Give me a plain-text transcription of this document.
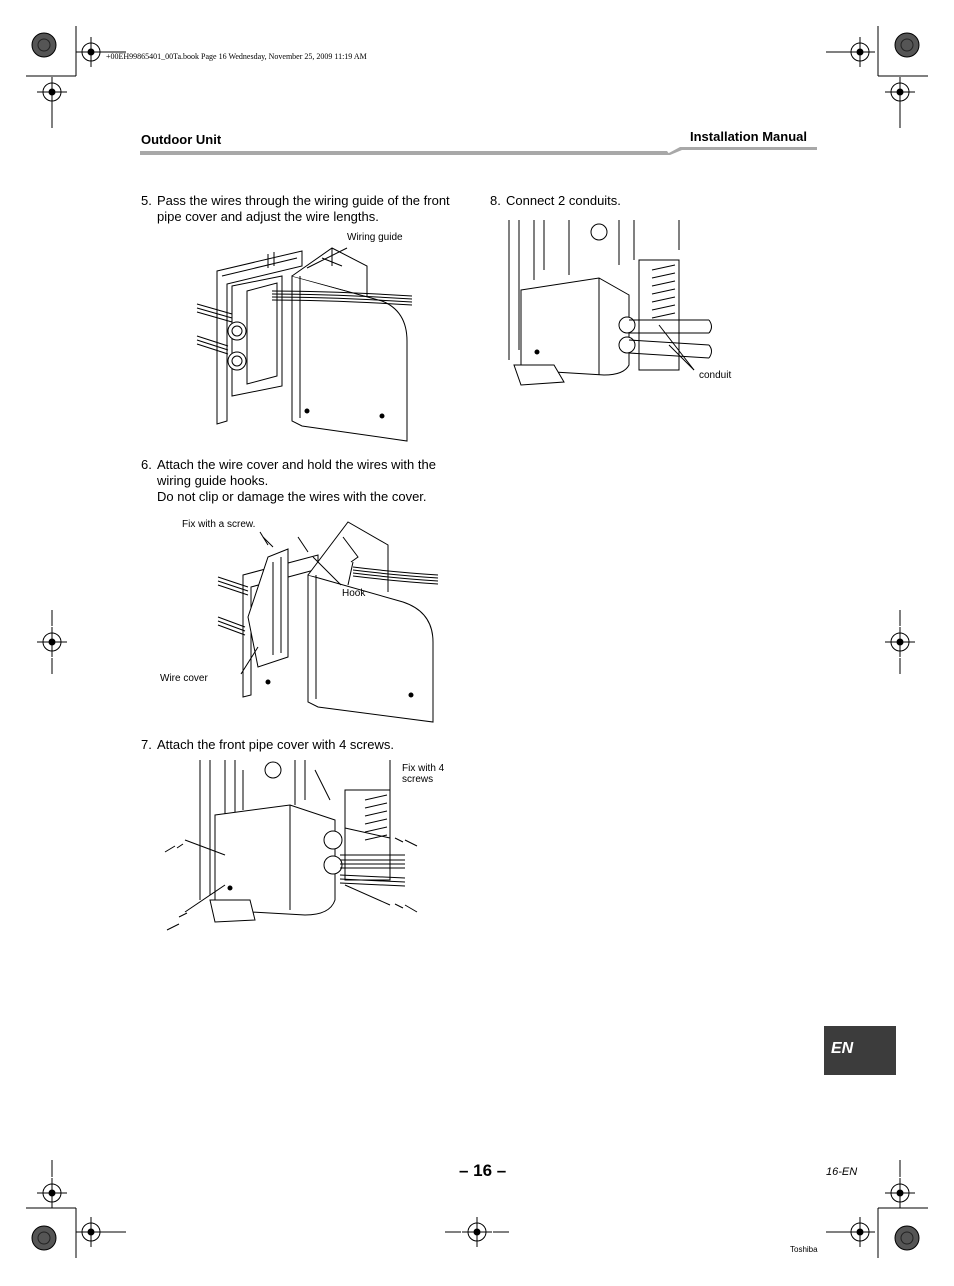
+00EH99865401_00Ta.book Page 16 Wednesday, November 25, 2009 11:19 AM
Outdoor Unit	Installation Manual
5. Pass the wires through the wiring guide of the front
pipe cover and adjust the wire lengths.
Wiring guide
6. Attach the wire cover and hold the wires with the
wiring guide hooks.
Do not clip or damage the wires with the cover.
Fix with a screw.
Hook
Wire cover
7. Attach the front pipe cover with 4 screws.
Fix with 4
screws
8. Connect 2 conduits.
conduit
EN
– 16 –	16-EN
Toshiba
